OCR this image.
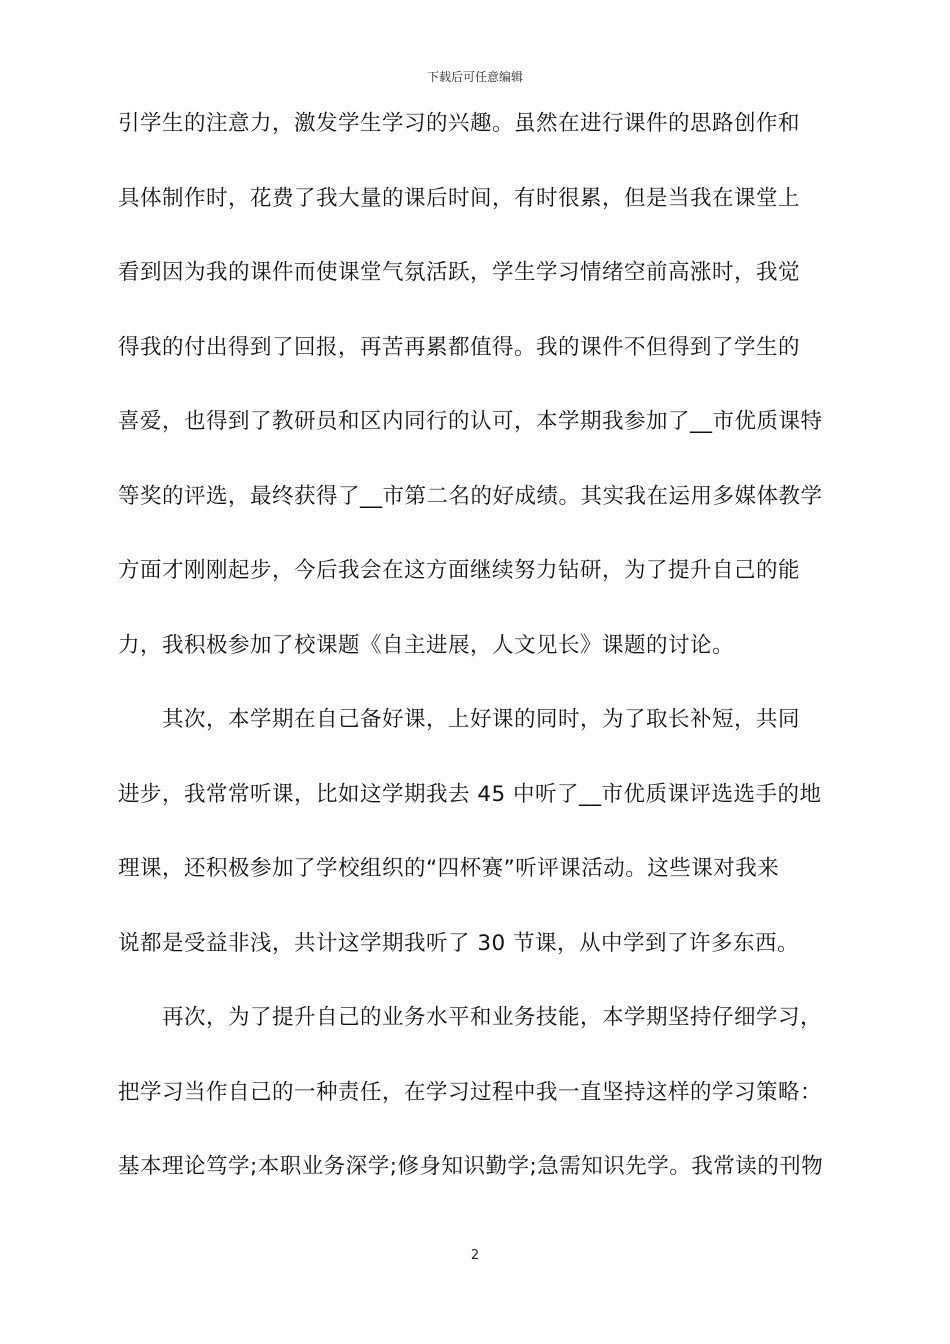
下载后可任意编辑
引学生的注意力，激发学生学习的兴趣。虽然在进行课件的思路创作和
具体制作时，花费了我大量的课后时间，有时很累，但是当我在课堂上
看到因为我的课件而使课堂气氛活跃，学生学习情绪空前高涨时，我觉
得我的付出得到了回报，再苦再累都值得。我的课件不但得到了学生的
喜爱，也得到了教研员和区内同行的认可，本学期我参加了__市优质课特
等奖的评选，最终获得了__市第二名的好成绩。其实我在运用多媒体教学
方面才刚刚起步，今后我会在这方面继续努力钻研，为了提升自己的能
力，我积极参加了校课题《自主进展，人文见长》课题的讨论。
其次，本学期在自己备好课，上好课的同时，为了取长补短，共同
进步，我常常听课，比如这学期我去 45 中听了__市优质课评选选手的地
理课，还积极参加了学校组织的“四杯赛”听评课活动。这些课对我来
说都是受益非浅，共计这学期我听了 30 节课，从中学到了许多东西。
再次，为了提升自己的业务水平和业务技能，本学期坚持仔细学习，
把学习当作自己的一种责任，在学习过程中我一直坚持这样的学习策略：
基本理论笃学;本职业务深学;修身知识勤学;急需知识先学。我常读的刊物
2
